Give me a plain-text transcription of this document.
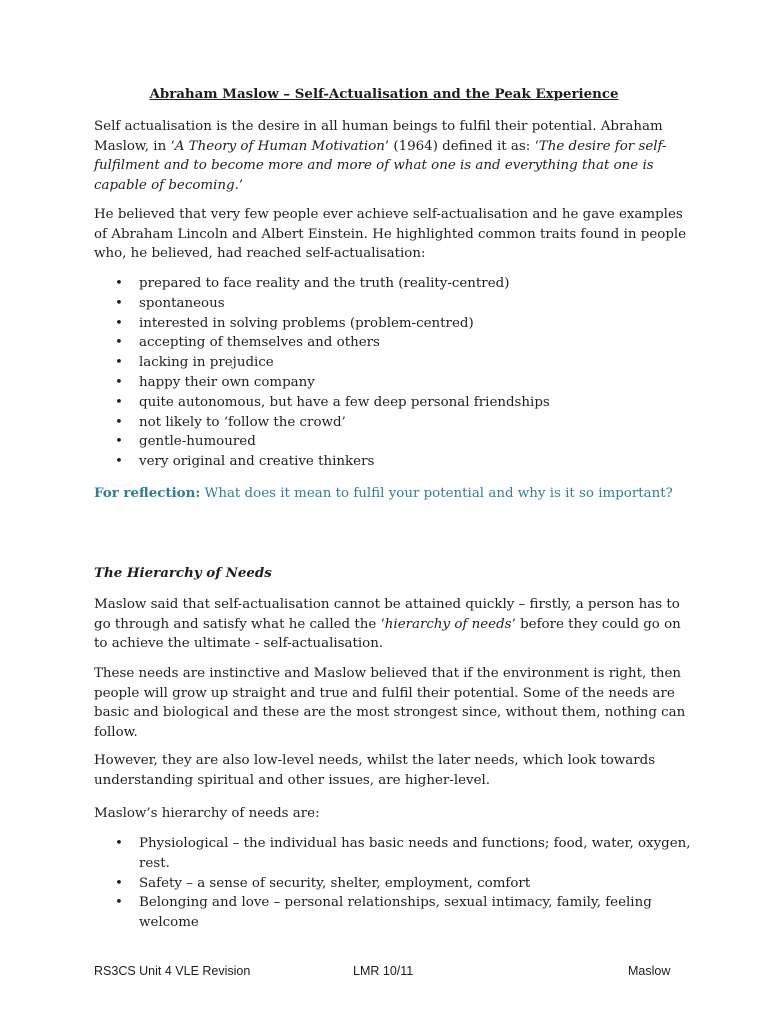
Abraham Maslow – Self-Actualisation and the Peak Experience

Self actualisation is the desire in all human beings to fulfil their potential. Abraham Maslow, in ‘A Theory of Human Motivation’ (1964) defined it as: ‘The desire for self-fulfilment and to become more and more of what one is and everything that one is capable of becoming.’

He believed that very few people ever achieve self-actualisation and he gave examples of Abraham Lincoln and Albert Einstein. He highlighted common traits found in people who, he believed, had reached self-actualisation:

• prepared to face reality and the truth (reality-centred)
• spontaneous
• interested in solving problems (problem-centred)
• accepting of themselves and others
• lacking in prejudice
• happy their own company
• quite autonomous, but have a few deep personal friendships
• not likely to ‘follow the crowd’
• gentle-humoured
• very original and creative thinkers

For reflection: What does it mean to fulfil your potential and why is it so important?

The Hierarchy of Needs

Maslow said that self-actualisation cannot be attained quickly – firstly, a person has to go through and satisfy what he called the ‘hierarchy of needs’ before they could go on to achieve the ultimate - self-actualisation.

These needs are instinctive and Maslow believed that if the environment is right, then people will grow up straight and true and fulfil their potential. Some of the needs are basic and biological and these are the most strongest since, without them, nothing can follow.

However, they are also low-level needs, whilst the later needs, which look towards understanding spiritual and other issues, are higher-level.

Maslow’s hierarchy of needs are:

• Physiological – the individual has basic needs and functions; food, water, oxygen, rest.
• Safety – a sense of security, shelter, employment, comfort
• Belonging and love – personal relationships, sexual intimacy, family, feeling welcome
RS3CS Unit 4 VLE Revision	LMR 10/11	Maslow
